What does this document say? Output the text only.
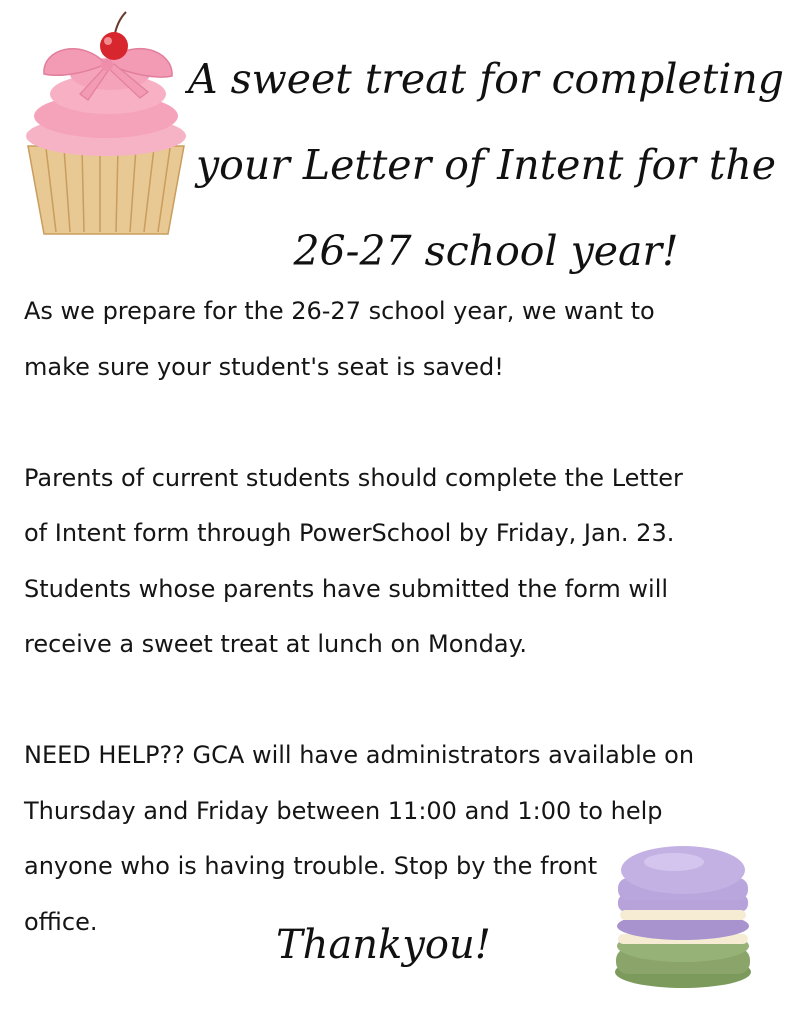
A sweet treat for completing
your Letter of Intent for the
26-27 school year!

As we prepare for the 26-27 school year, we want to

make sure your student's seat is saved!

Parents of current students should complete the Letter

of Intent form through PowerSchool by Friday, Jan. 23.

Students whose parents have submitted the form will

receive a sweet treat at lunch on Monday.

NEED HELP?? GCA will have administrators available on

Thursday and Friday between 11:00 and 1:00 to help

anyone who is having trouble. Stop by the front

office.

Thankyou!
